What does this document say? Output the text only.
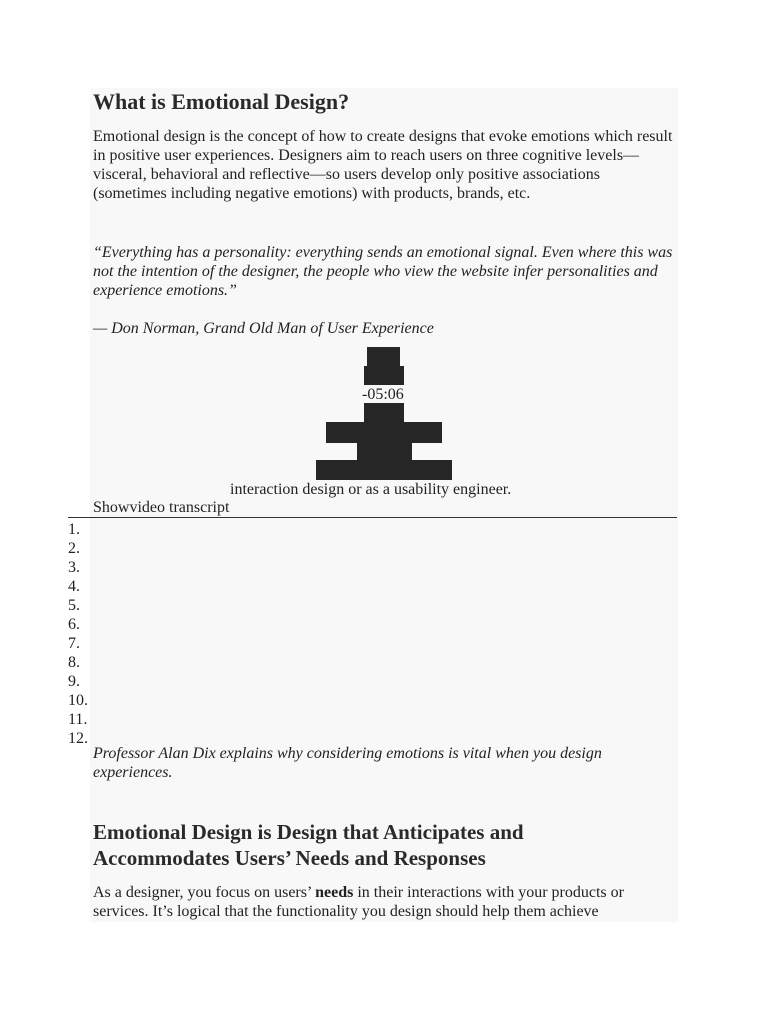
What is Emotional Design?

Emotional design is the concept of how to create designs that evoke emotions which result in positive user experiences. Designers aim to reach users on three cognitive levels—visceral, behavioral and reflective—so users develop only positive associations (sometimes including negative emotions) with products, brands, etc.

“Everything has a personality: everything sends an emotional signal. Even where this was not the intention of the designer, the people who view the website infer personalities and experience emotions.”

— Don Norman, Grand Old Man of User Experience

-05:06
interaction design or as a usability engineer.
Showvideo transcript
1.
2.
3.
4.
5.
6.
7.
8.
9.
10.
11.
12.

Professor Alan Dix explains why considering emotions is vital when you design experiences.

Emotional Design is Design that Anticipates and Accommodates Users’ Needs and Responses

As a designer, you focus on users’ needs in their interactions with your products or services. It’s logical that the functionality you design should help them achieve
